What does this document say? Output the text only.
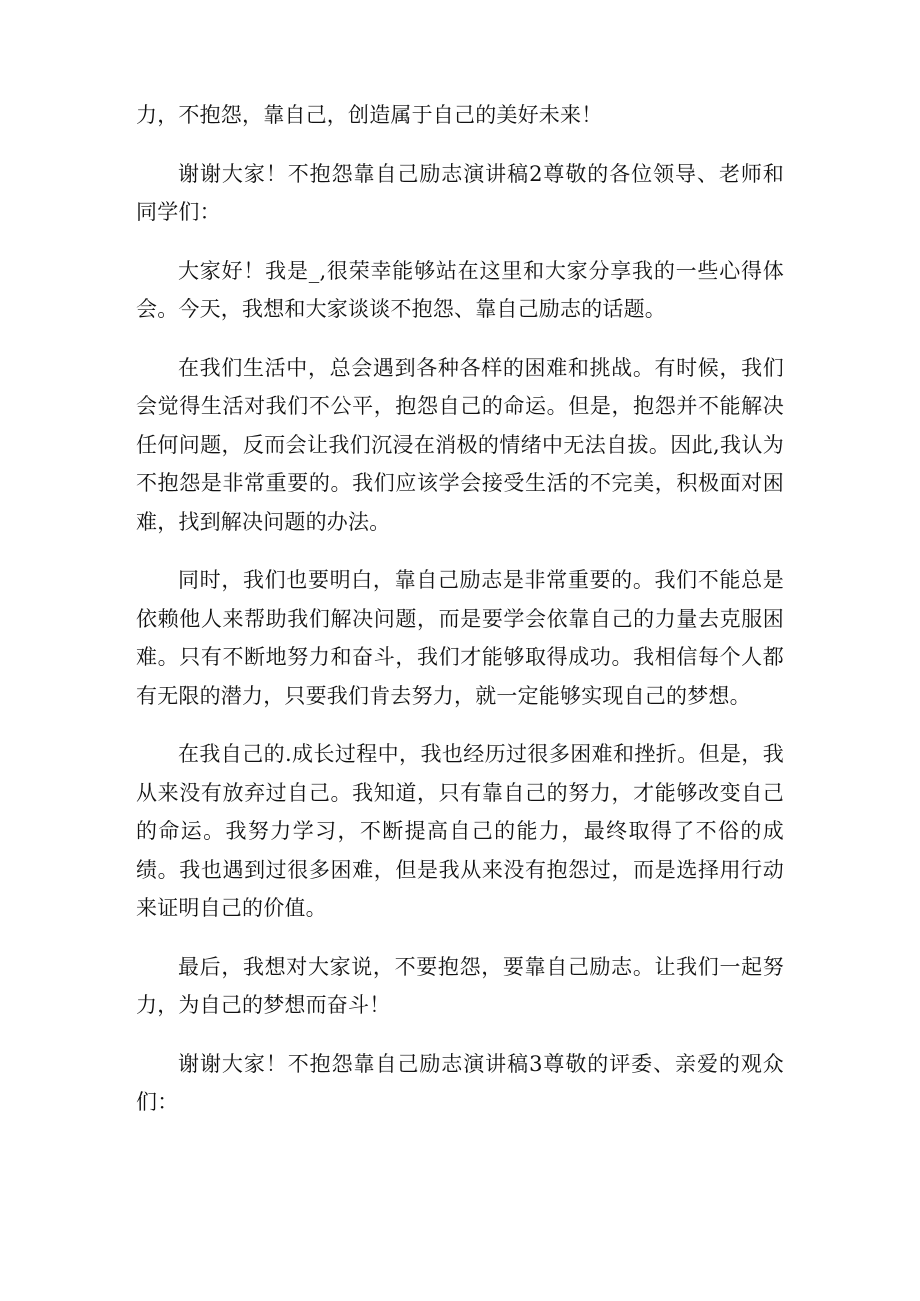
力，不抱怨，靠自己，创造属于自己的美好未来！

谢谢大家！不抱怨靠自己励志演讲稿2尊敬的各位领导、老师和同学们：

大家好！我是_,很荣幸能够站在这里和大家分享我的一些心得体会。今天，我想和大家谈谈不抱怨、靠自己励志的话题。

在我们生活中，总会遇到各种各样的困难和挑战。有时候，我们会觉得生活对我们不公平，抱怨自己的命运。但是，抱怨并不能解决任何问题，反而会让我们沉浸在消极的情绪中无法自拔。因此,我认为不抱怨是非常重要的。我们应该学会接受生活的不完美，积极面对困难，找到解决问题的办法。

同时，我们也要明白，靠自己励志是非常重要的。我们不能总是依赖他人来帮助我们解决问题，而是要学会依靠自己的力量去克服困难。只有不断地努力和奋斗，我们才能够取得成功。我相信每个人都有无限的潜力，只要我们肯去努力，就一定能够实现自己的梦想。

在我自己的.成长过程中，我也经历过很多困难和挫折。但是，我从来没有放弃过自己。我知道，只有靠自己的努力，才能够改变自己的命运。我努力学习，不断提高自己的能力，最终取得了不俗的成绩。我也遇到过很多困难，但是我从来没有抱怨过，而是选择用行动来证明自己的价值。

最后，我想对大家说，不要抱怨，要靠自己励志。让我们一起努力，为自己的梦想而奋斗！

谢谢大家！不抱怨靠自己励志演讲稿3尊敬的评委、亲爱的观众们：
